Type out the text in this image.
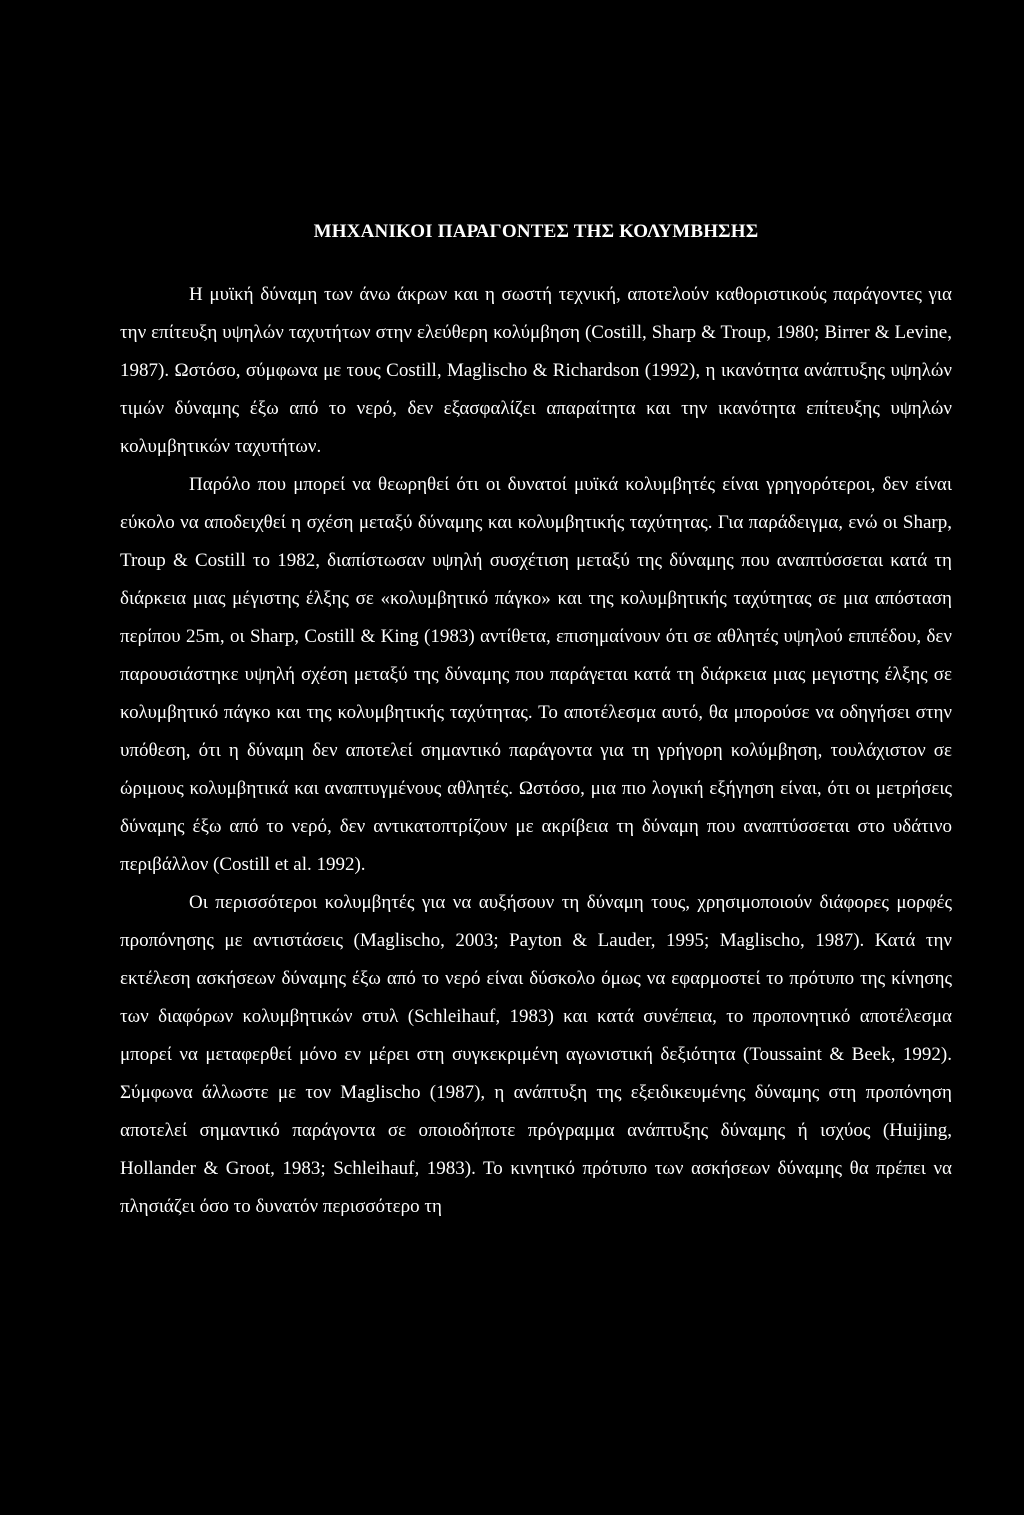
ΜΗΧΑΝΙΚΟΙ ΠΑΡΑΓΟΝΤΕΣ ΤΗΣ ΚΟΛΥΜΒΗΣΗΣ

Η μυϊκή δύναμη των άνω άκρων και η σωστή τεχνική, αποτελούν καθοριστικούς παράγοντες για την επίτευξη υψηλών ταχυτήτων στην ελεύθερη κολύμβηση (Costill, Sharp & Troup, 1980; Birrer & Levine, 1987). Ωστόσο, σύμφωνα με τους Costill, Maglischo & Richardson (1992), η ικανότητα ανάπτυξης υψηλών τιμών δύναμης έξω από το νερό, δεν εξασφαλίζει απαραίτητα και την ικανότητα επίτευξης υψηλών κολυμβητικών ταχυτήτων.

Παρόλο που μπορεί να θεωρηθεί ότι οι δυνατοί μυϊκά κολυμβητές είναι γρηγορότεροι, δεν είναι εύκολο να αποδειχθεί η σχέση μεταξύ δύναμης και κολυμβητικής ταχύτητας. Για παράδειγμα, ενώ οι Sharp, Troup & Costill το 1982, διαπίστωσαν υψηλή συσχέτιση μεταξύ της δύναμης που αναπτύσσεται κατά τη διάρκεια μιας μέγιστης έλξης σε «κολυμβητικό πάγκο» και της κολυμβητικής ταχύτητας σε μια απόσταση περίπου 25m, οι Sharp, Costill & King (1983) αντίθετα, επισημαίνουν ότι σε αθλητές υψηλού επιπέδου, δεν παρουσιάστηκε υψηλή σχέση μεταξύ της δύναμης που παράγεται κατά τη διάρκεια μιας μεγιστης έλξης σε κολυμβητικό πάγκο και της κολυμβητικής ταχύτητας. Το αποτέλεσμα αυτό, θα μπορούσε να οδηγήσει στην υπόθεση, ότι η δύναμη δεν αποτελεί σημαντικό παράγοντα για τη γρήγορη κολύμβηση, τουλάχιστον σε ώριμους κολυμβητικά και αναπτυγμένους αθλητές. Ωστόσο, μια πιο λογική εξήγηση είναι, ότι οι μετρήσεις δύναμης έξω από το νερό, δεν αντικατοπτρίζουν με ακρίβεια τη δύναμη που αναπτύσσεται στο υδάτινο περιβάλλον (Costill et al. 1992).

Οι περισσότεροι κολυμβητές για να αυξήσουν τη δύναμη τους, χρησιμοποιούν διάφορες μορφές προπόνησης με αντιστάσεις (Maglischo, 2003; Payton & Lauder, 1995; Maglischo, 1987). Κατά την εκτέλεση ασκήσεων δύναμης έξω από το νερό είναι δύσκολο όμως να εφαρμοστεί το πρότυπο της κίνησης των διαφόρων κολυμβητικών στυλ (Schleihauf, 1983) και κατά συνέπεια, το προπονητικό αποτέλεσμα μπορεί να μεταφερθεί μόνο εν μέρει στη συγκεκριμένη αγωνιστική δεξιότητα (Toussaint & Beek, 1992). Σύμφωνα άλλωστε με τον Maglischo (1987), η ανάπτυξη της εξειδικευμένης δύναμης στη προπόνηση αποτελεί σημαντικό παράγοντα σε οποιοδήποτε πρόγραμμα ανάπτυξης δύναμης ή ισχύος (Huijing, Hollander & Groot, 1983; Schleihauf, 1983). Το κινητικό πρότυπο των ασκήσεων δύναμης θα πρέπει να πλησιάζει όσο το δυνατόν περισσότερο τη
